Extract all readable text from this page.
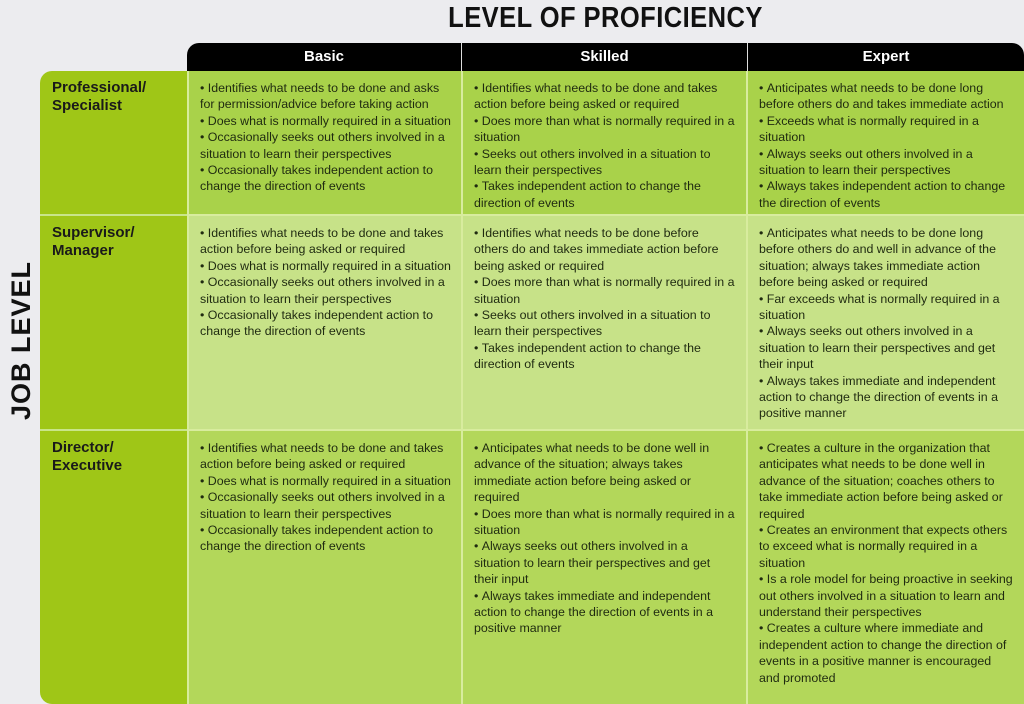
LEVEL OF PROFICIENCY
JOB LEVEL
Basic	Skilled	Expert
Professional/
Specialist

• Identifies what needs to be done and asks for permission/advice before taking action

• Does what is normally required in a situation

• Occasionally seeks out others involved in a situation to learn their perspectives

• Occasionally takes independent action to change the direction of events

• Identifies what needs to be done and takes action before being asked or required

• Does more than what is normally required in a situation

• Seeks out others involved in a situation to learn their perspectives

• Takes independent action to change the direction of events

• Anticipates what needs to be done long before others do and takes immediate action

• Exceeds what is normally required in a situation

• Always seeks out others involved in a situation to learn their perspectives

• Always takes independent action to change the direction of events

Supervisor/
Manager

• Identifies what needs to be done and takes action before being asked or required

• Does what is normally required in a situation

• Occasionally seeks out others involved in a situation to learn their perspectives

• Occasionally takes independent action to change the direction of events

• Identifies what needs to be done before others do and takes immediate action before being asked or required

• Does more than what is normally required in a situation

• Seeks out others involved in a situation to learn their perspectives

• Takes independent action to change the direction of events

• Anticipates what needs to be done long before others do and well in advance of the situation; always takes immediate action before being asked or required

• Far exceeds what is normally required in a situation

• Always seeks out others involved in a situation to learn their perspectives and get their input

• Always takes immediate and independent action to change the direction of events in a positive manner

Director/
Executive

• Identifies what needs to be done and takes action before being asked or required

• Does what is normally required in a situation

• Occasionally seeks out others involved in a situation to learn their perspectives

• Occasionally takes independent action to change the direction of events

• Anticipates what needs to be done well in advance of the situation; always takes immediate action before being asked or required

• Does more than what is normally required in a situation

• Always seeks out others involved in a situation to learn their perspectives and get their input

• Always takes immediate and independent action to change the direction of events in a positive manner

• Creates a culture in the organization that anticipates what needs to be done well in advance of the situation; coaches others to take immediate action before being asked or required

• Creates an environment that expects others to exceed what is normally required in a situation

• Is a role model for being proactive in seeking out others involved in a situation to learn and understand their perspectives

• Creates a culture where immediate and independent action to change the direction of events in a positive manner is encouraged and promoted
